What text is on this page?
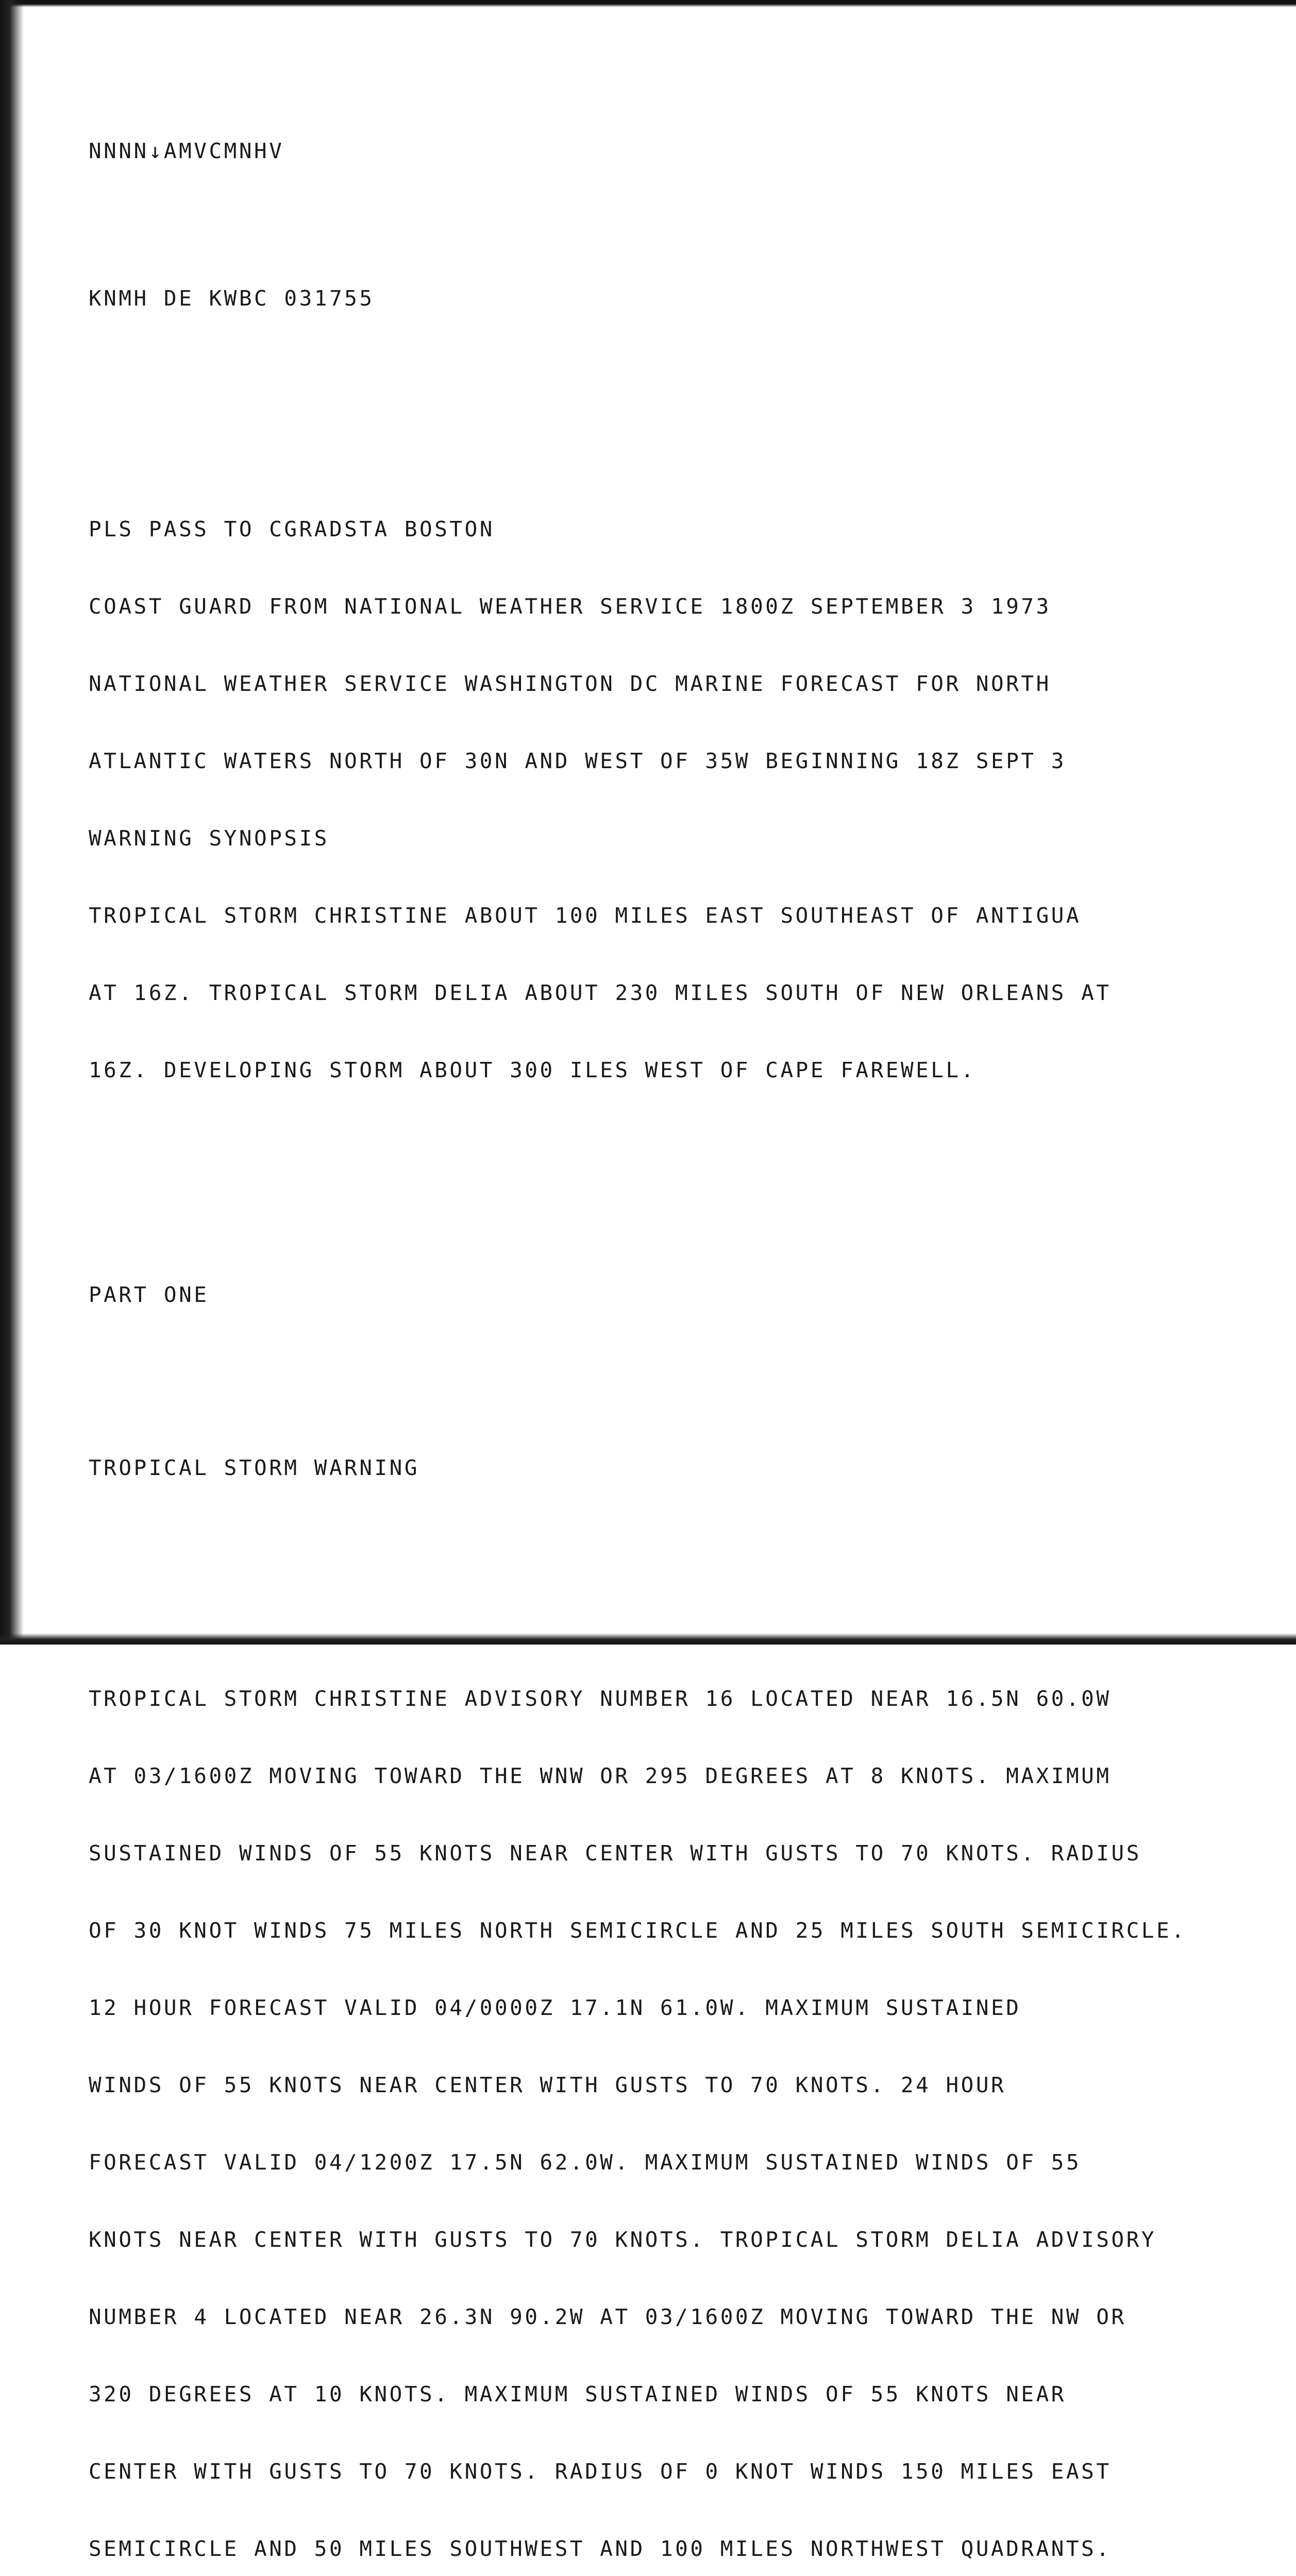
NNNN↓AMVCMNHV

KNMH DE KWBC 031755

PLS PASS TO CGRADSTA BOSTON

COAST GUARD FROM NATIONAL WEATHER SERVICE 1800Z SEPTEMBER 3 1973

NATIONAL WEATHER SERVICE WASHINGTON DC MARINE FORECAST FOR NORTH

ATLANTIC WATERS NORTH OF 30N AND WEST OF 35W BEGINNING 18Z SEPT 3

WARNING SYNOPSIS

TROPICAL STORM CHRISTINE ABOUT 100 MILES EAST SOUTHEAST OF ANTIGUA

AT 16Z. TROPICAL STORM DELIA ABOUT 230 MILES SOUTH OF NEW ORLEANS AT

16Z. DEVELOPING STORM ABOUT 300 ILES WEST OF CAPE FAREWELL.

PART ONE

TROPICAL STORM WARNING

TROPICAL STORM CHRISTINE ADVISORY NUMBER 16 LOCATED NEAR 16.5N 60.0W

AT 03/1600Z MOVING TOWARD THE WNW OR 295 DEGREES AT 8 KNOTS. MAXIMUM

SUSTAINED WINDS OF 55 KNOTS NEAR CENTER WITH GUSTS TO 70 KNOTS. RADIUS

OF 30 KNOT WINDS 75 MILES NORTH SEMICIRCLE AND 25 MILES SOUTH SEMICIRCLE.

12 HOUR FORECAST VALID 04/0000Z 17.1N 61.0W. MAXIMUM SUSTAINED

WINDS OF 55 KNOTS NEAR CENTER WITH GUSTS TO 70 KNOTS. 24 HOUR

FORECAST VALID 04/1200Z 17.5N 62.0W. MAXIMUM SUSTAINED WINDS OF 55

KNOTS NEAR CENTER WITH GUSTS TO 70 KNOTS. TROPICAL STORM DELIA ADVISORY

NUMBER 4 LOCATED NEAR 26.3N 90.2W AT 03/1600Z MOVING TOWARD THE NW OR

320 DEGREES AT 10 KNOTS. MAXIMUM SUSTAINED WINDS OF 55 KNOTS NEAR

CENTER WITH GUSTS TO 70 KNOTS. RADIUS OF 0 KNOT WINDS 150 MILES EAST

SEMICIRCLE AND 50 MILES SOUTHWEST AND 100 MILES NORTHWEST QUADRANTS.
